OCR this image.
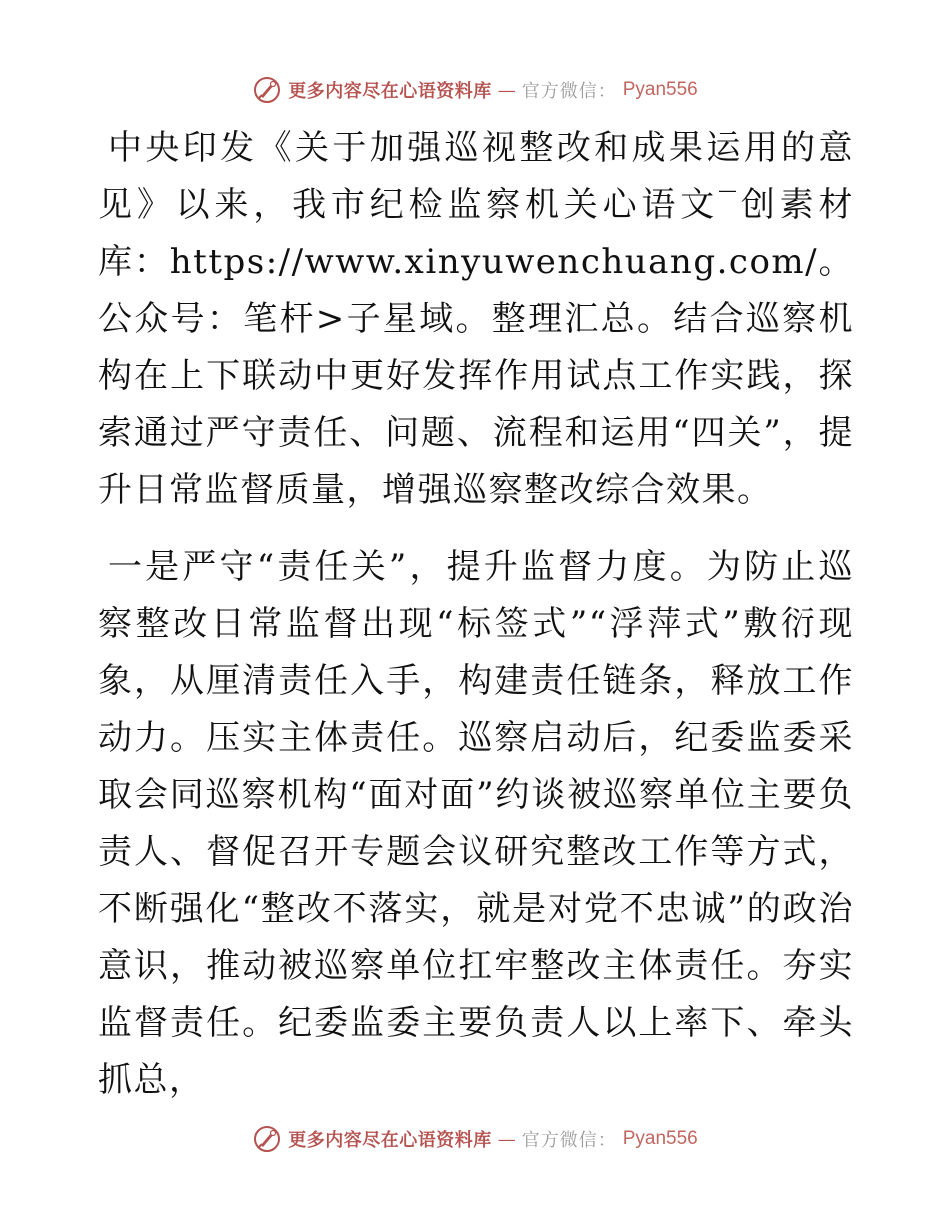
更多内容尽在心语资料库 — 官方微信： Pyan556

中央印发《关于加强巡视整改和成果运用的意见》以来，我市纪检监察机关心语文‾创素材库：https://www.xinyuwenchuang.com/。公众号：笔杆>子星域。整理汇总。结合巡察机构在上下联动中更好发挥作用试点工作实践，探索通过严守责任、问题、流程和运用“四关”，提升日常监督质量，增强巡察整改综合效果。

一是严守“责任关”，提升监督力度。为防止巡察整改日常监督出现“标签式”“浮萍式”敷衍现象，从厘清责任入手，构建责任链条，释放工作动力。压实主体责任。巡察启动后，纪委监委采取会同巡察机构“面对面”约谈被巡察单位主要负责人、督促召开专题会议研究整改工作等方式，不断强化“整改不落实，就是对党不忠诚”的政治意识，推动被巡察单位扛牢整改主体责任。夯实监督责任。纪委监委主要负责人以上率下、牵头抓总，

更多内容尽在心语资料库 — 官方微信： Pyan556
